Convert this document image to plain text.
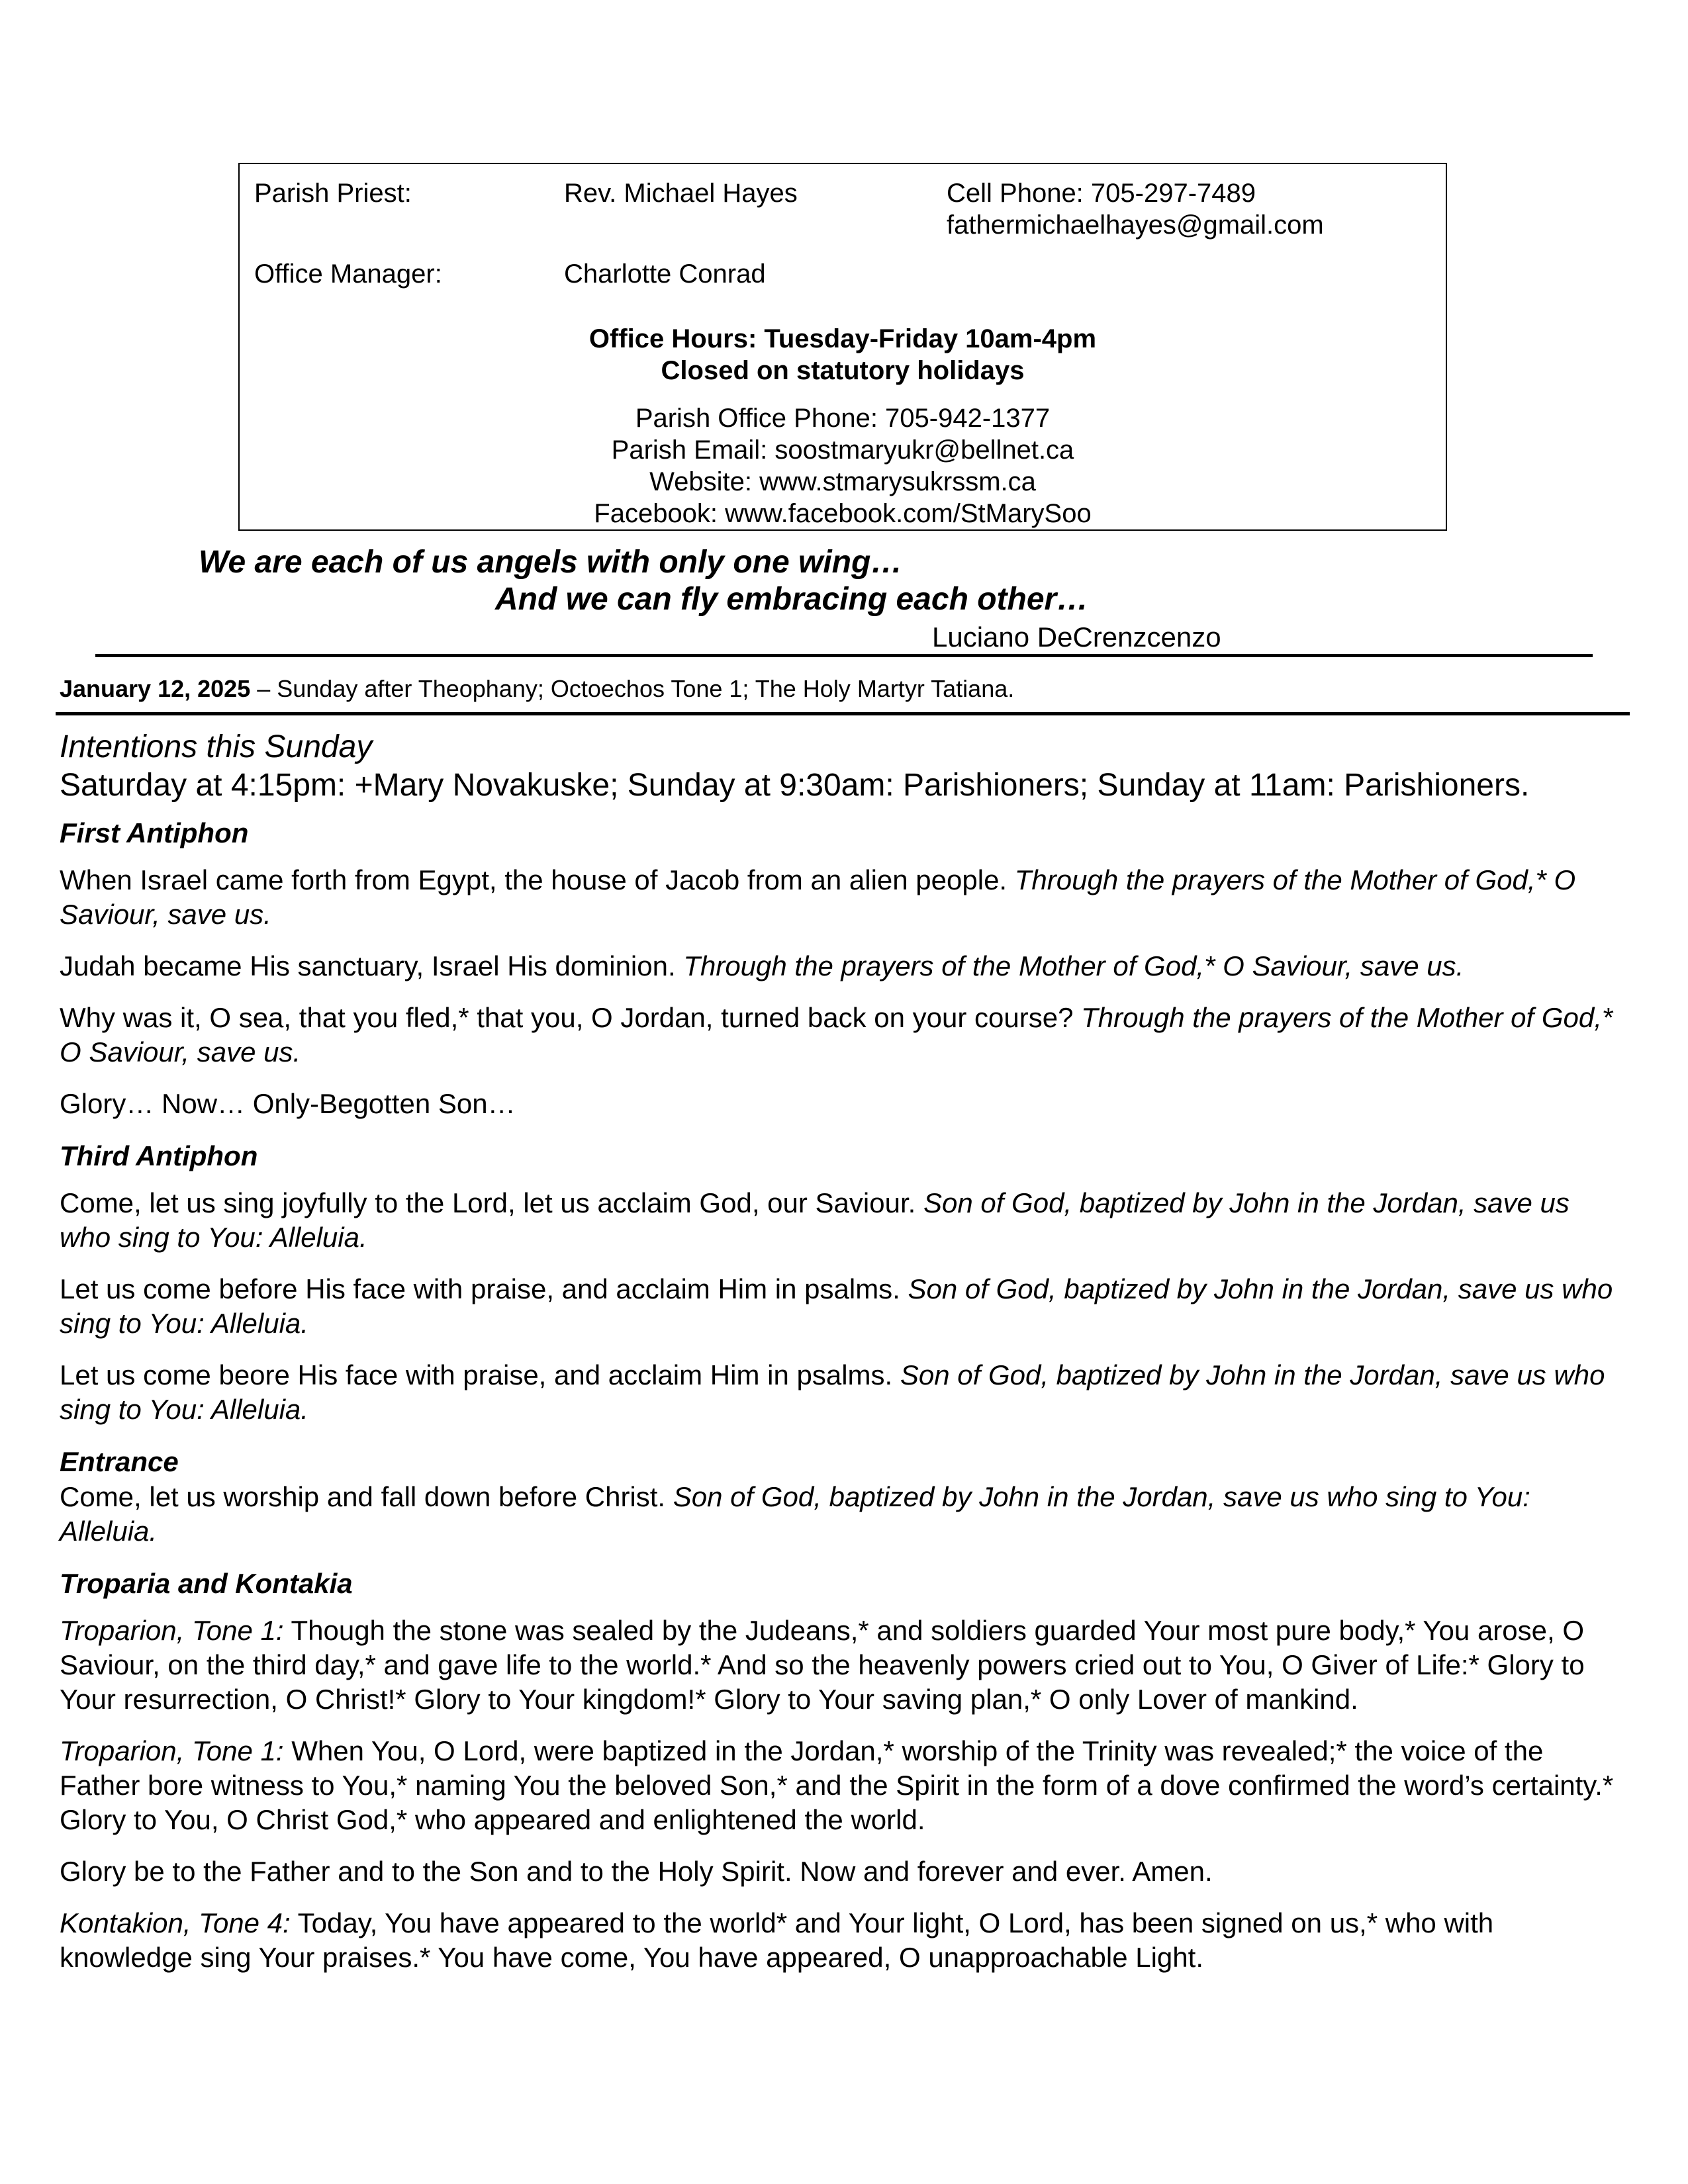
Parish Priest:	Rev. Michael Hayes	Cell Phone: 705-297-7489
fathermichaelhayes@gmail.com
Office Manager:	Charlotte Conrad
Office Hours: Tuesday-Friday 10am-4pm
Closed on statutory holidays
Parish Office Phone: 705-942-1377
Parish Email: soostmaryukr@bellnet.ca
Website: www.stmarysukrssm.ca
Facebook: www.facebook.com/StMarySoo
We are each of us angels with only one wing…
And we can fly embracing each other…
Luciano DeCrenzcenzo
January 12, 2025 – Sunday after Theophany; Octoechos Tone 1; The Holy Martyr Tatiana.
Intentions this Sunday
Saturday at 4:15pm: +Mary Novakuske; Sunday at 9:30am: Parishioners; Sunday at 11am: Parishioners.
First Antiphon

When Israel came forth from Egypt, the house of Jacob from an alien people. Through the prayers of the Mother of God,* O Saviour, save us.

Judah became His sanctuary, Israel His dominion. Through the prayers of the Mother of God,* O Saviour, save us.

Why was it, O sea, that you fled,* that you, O Jordan, turned back on your course? Through the prayers of the Mother of God,* O Saviour, save us.

Glory… Now… Only-Begotten Son…

Third Antiphon

Come, let us sing joyfully to the Lord, let us acclaim God, our Saviour. Son of God, baptized by John in the Jordan, save us who sing to You: Alleluia.

Let us come before His face with praise, and acclaim Him in psalms. Son of God, baptized by John in the Jordan, save us who sing to You: Alleluia.

Let us come beore His face with praise, and acclaim Him in psalms. Son of God, baptized by John in the Jordan, save us who sing to You: Alleluia.

Entrance

Come, let us worship and fall down before Christ. Son of God, baptized by John in the Jordan, save us who sing to You: Alleluia.

Troparia and Kontakia

Troparion, Tone 1: Though the stone was sealed by the Judeans,* and soldiers guarded Your most pure body,* You arose, O Saviour, on the third day,* and gave life to the world.* And so the heavenly powers cried out to You, O Giver of Life:* Glory to Your resurrection, O Christ!* Glory to Your kingdom!* Glory to Your saving plan,* O only Lover of mankind.

Troparion, Tone 1: When You, O Lord, were baptized in the Jordan,* worship of the Trinity was revealed;* the voice of the Father bore witness to You,* naming You the beloved Son,* and the Spirit in the form of a dove confirmed the word’s certainty.* Glory to You, O Christ God,* who appeared and enlightened the world.

Glory be to the Father and to the Son and to the Holy Spirit. Now and forever and ever. Amen.

Kontakion, Tone 4: Today, You have appeared to the world* and Your light, O Lord, has been signed on us,* who with knowledge sing Your praises.* You have come, You have appeared, O unapproachable Light.
